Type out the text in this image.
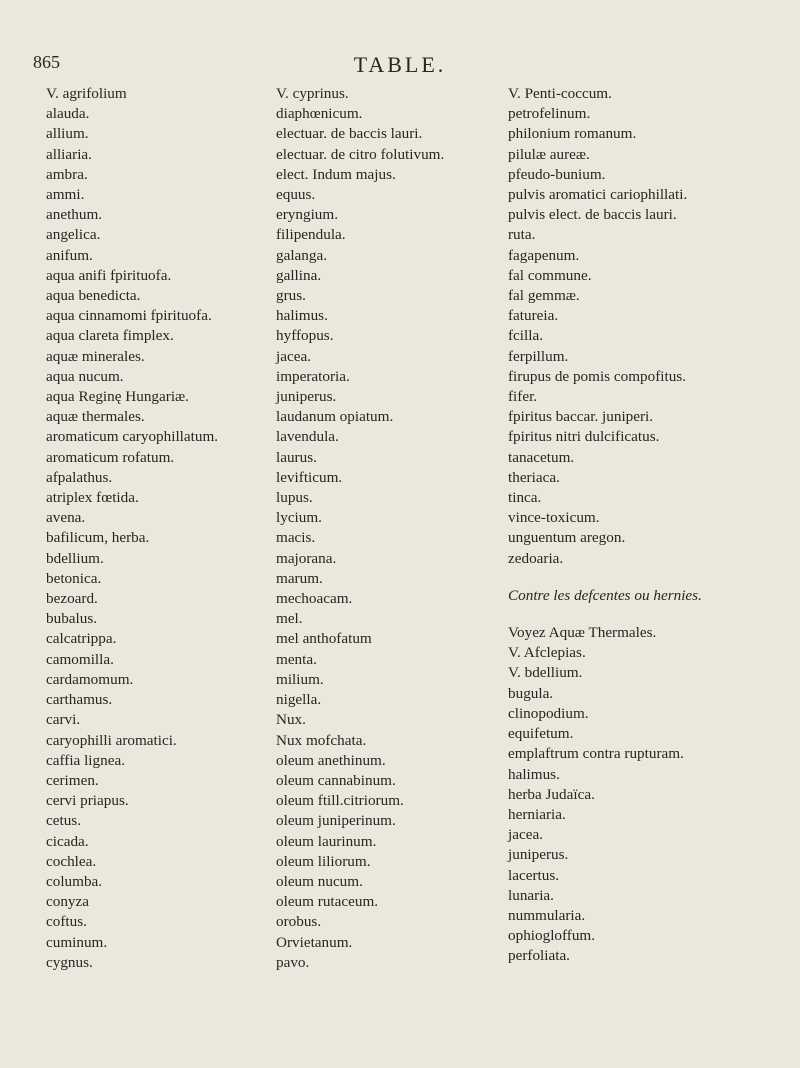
865	TABLE.
V. agrifolium
alauda.
allium.
alliaria.
ambra.
ammi.
anethum.
angelica.
anifum.
aqua anifi fpirituofa.
aqua benedicta.
aqua cinnamomi fpirituofa.
aqua clareta fimplex.
aquæ minerales.
aqua nucum.
aqua Reginę Hungariæ.
aquæ thermales.
aromaticum caryophillatum.
aromaticum rofatum.
afpalathus.
atriplex fœtida.
avena.
bafilicum, herba.
bdellium.
betonica.
bezoard.
bubalus.
calcatrippa.
camomilla.
cardamomum.
carthamus.
carvi.
caryophilli aromatici.
caffia lignea.
cerimen.
cervi priapus.
cetus.
cicada.
cochlea.
columba.
conyza
coftus.
cuminum.
cygnus.
V. cyprinus.
diaphœnicum.
electuar. de baccis lauri.
electuar. de citro folutivum.
elect. Indum majus.
equus.
eryngium.
filipendula.
galanga.
gallina.
grus.
halimus.
hyffopus.
jacea.
imperatoria.
juniperus.
laudanum opiatum.
lavendula.
laurus.
levifticum.
lupus.
lycium.
macis.
majorana.
marum.
mechoacam.
mel.
mel anthofatum
menta.
milium.
nigella.
Nux.
Nux mofchata.
oleum anethinum.
oleum cannabinum.
oleum ftill.citriorum.
oleum juniperinum.
oleum laurinum.
oleum liliorum.
oleum nucum.
oleum rutaceum.
orobus.
Orvietanum.
pavo.
V. Penti-coccum.
petrofelinum.
philonium romanum.
pilulæ aureæ.
pfeudo-bunium.
pulvis aromatici cariophillati.
pulvis elect. de baccis lauri.
ruta.
fagapenum.
fal commune.
fal gemmæ.
fatureia.
fcilla.
ferpillum.
firupus de pomis compofitus.
fifer.
fpiritus baccar. juniperi.
fpiritus nitri dulcificatus.
tanacetum.
theriaca.
tinca.
vince-toxicum.
unguentum aregon.
zedoaria.
Contre les defcentes ou hernies.
Voyez Aquæ Thermales.
V. Afclepias.
V. bdellium.
bugula.
clinopodium.
equifetum.
emplaftrum contra rupturam.
halimus.
herba Judaïca.
herniaria.
jacea.
juniperus.
lacertus.
lunaria.
nummularia.
ophiogloffum.
perfoliata.
